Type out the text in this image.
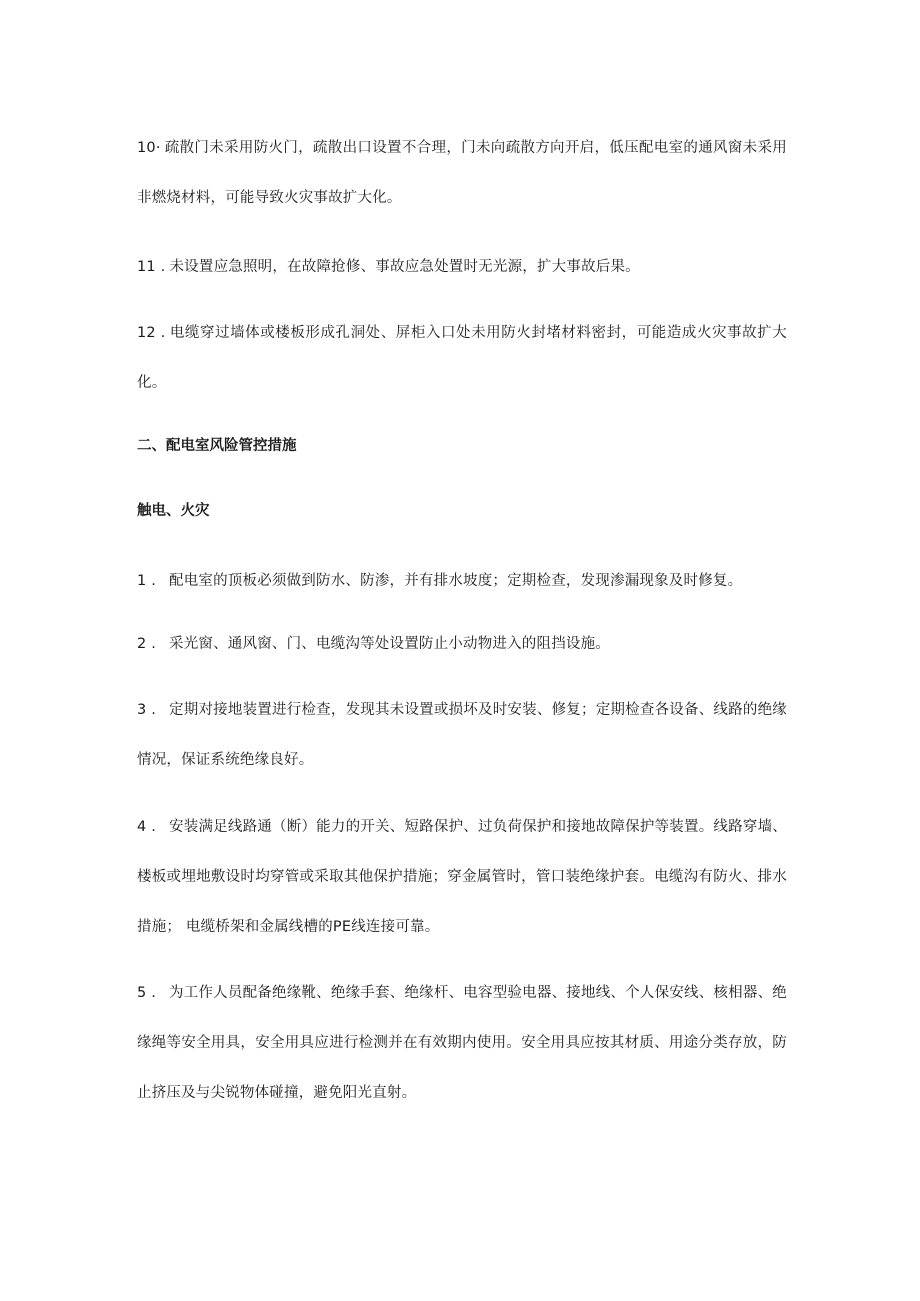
10· 疏散门未采用防火门，疏散出口设置不合理，门未向疏散方向开启，低压配电室的通风窗未采用非燃烧材料，可能导致火灾事故扩大化。

11 . 未设置应急照明，在故障抢修、事故应急处置时无光源，扩大事故后果。

12 . 电缆穿过墙体或楼板形成孔洞处、屏柜入口处未用防火封堵材料密封，可能造成火灾事故扩大化。

二、配电室风险管控措施
触电、火灾

1 . 配电室的顶板必须做到防水、防渗，并有排水坡度；定期检查，发现渗漏现象及时修复。

2 . 采光窗、通风窗、门、电缆沟等处设置防止小动物进入的阻挡设施。

3 . 定期对接地装置进行检查，发现其未设置或损坏及时安装、修复；定期检查各设备、线路的绝缘情况，保证系统绝缘良好。

4 . 安装满足线路通（断）能力的开关、短路保护、过负荷保护和接地故障保护等装置。线路穿墙、楼板或埋地敷设时均穿管或采取其他保护措施；穿金属管时，管口装绝缘护套。电缆沟有防火、排水措施； 电缆桥架和金属线槽的PE线连接可靠。

5 . 为工作人员配备绝缘靴、绝缘手套、绝缘杆、电容型验电器、接地线、个人保安线、核相器、绝缘绳等安全用具，安全用具应进行检测并在有效期内使用。安全用具应按其材质、用途分类存放，防止挤压及与尖锐物体碰撞，避免阳光直射。
